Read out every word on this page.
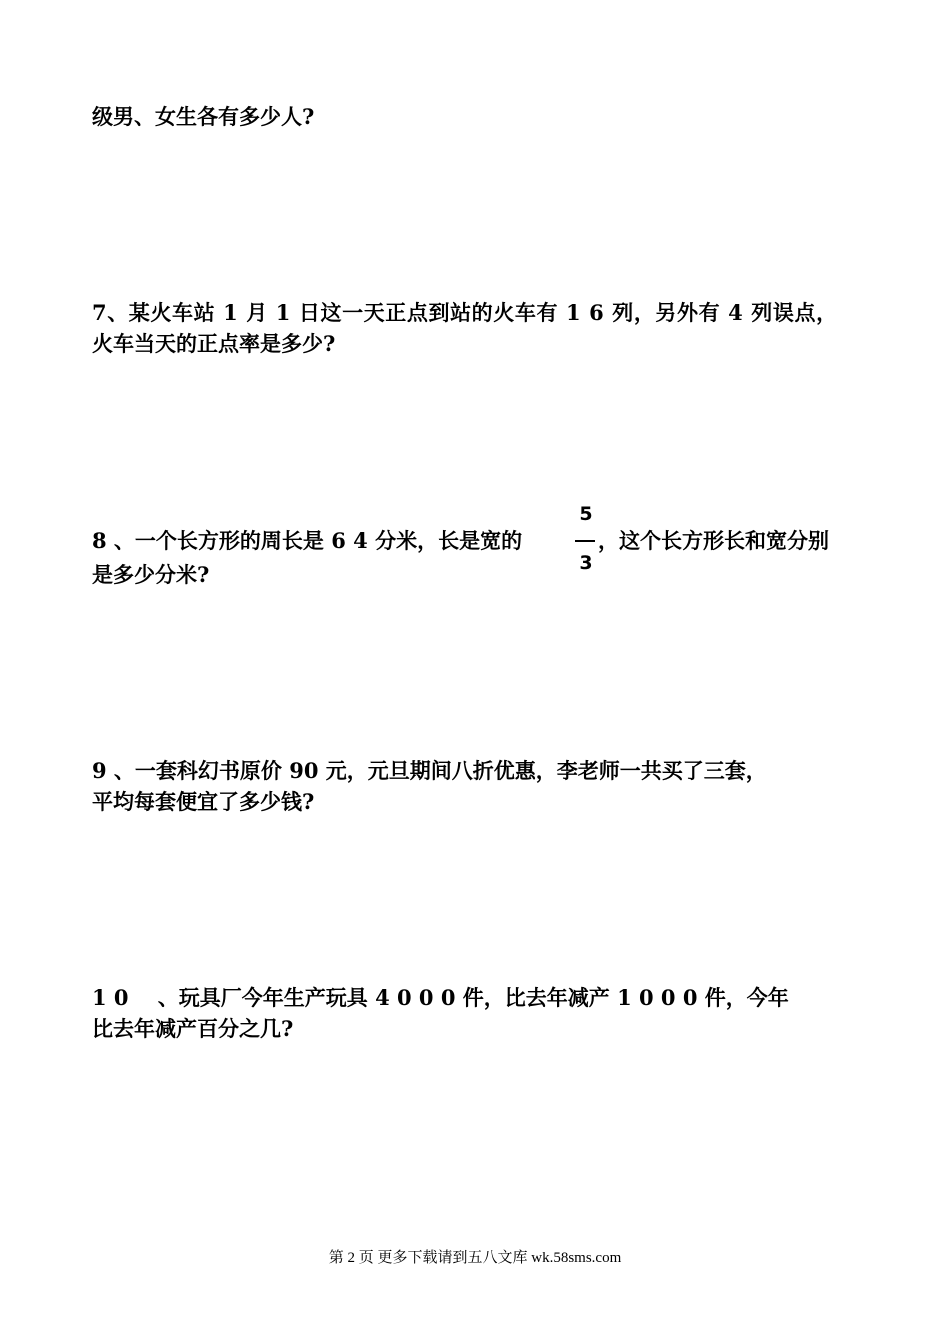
级男、女生各有多少人?
7、某火车站 1 月 1 日这一天正点到站的火车有 1 6 列，另外有 4 列误点，
火车当天的正点率是多少?
8 、一个长方形的周长是 6 4 分米，长是宽的
5
3
，这个长方形长和宽分别
是多少分米?
9 、一套科幻书原价 90 元，元旦期间八折优惠，李老师一共买了三套，
平均每套便宜了多少钱?
1 0    、玩具厂今年生产玩具 4 0 0 0 件，比去年减产 1 0 0 0 件，今年
比去年减产百分之几?
第 2 页 更多下载请到五八文库 wk.58sms.com
